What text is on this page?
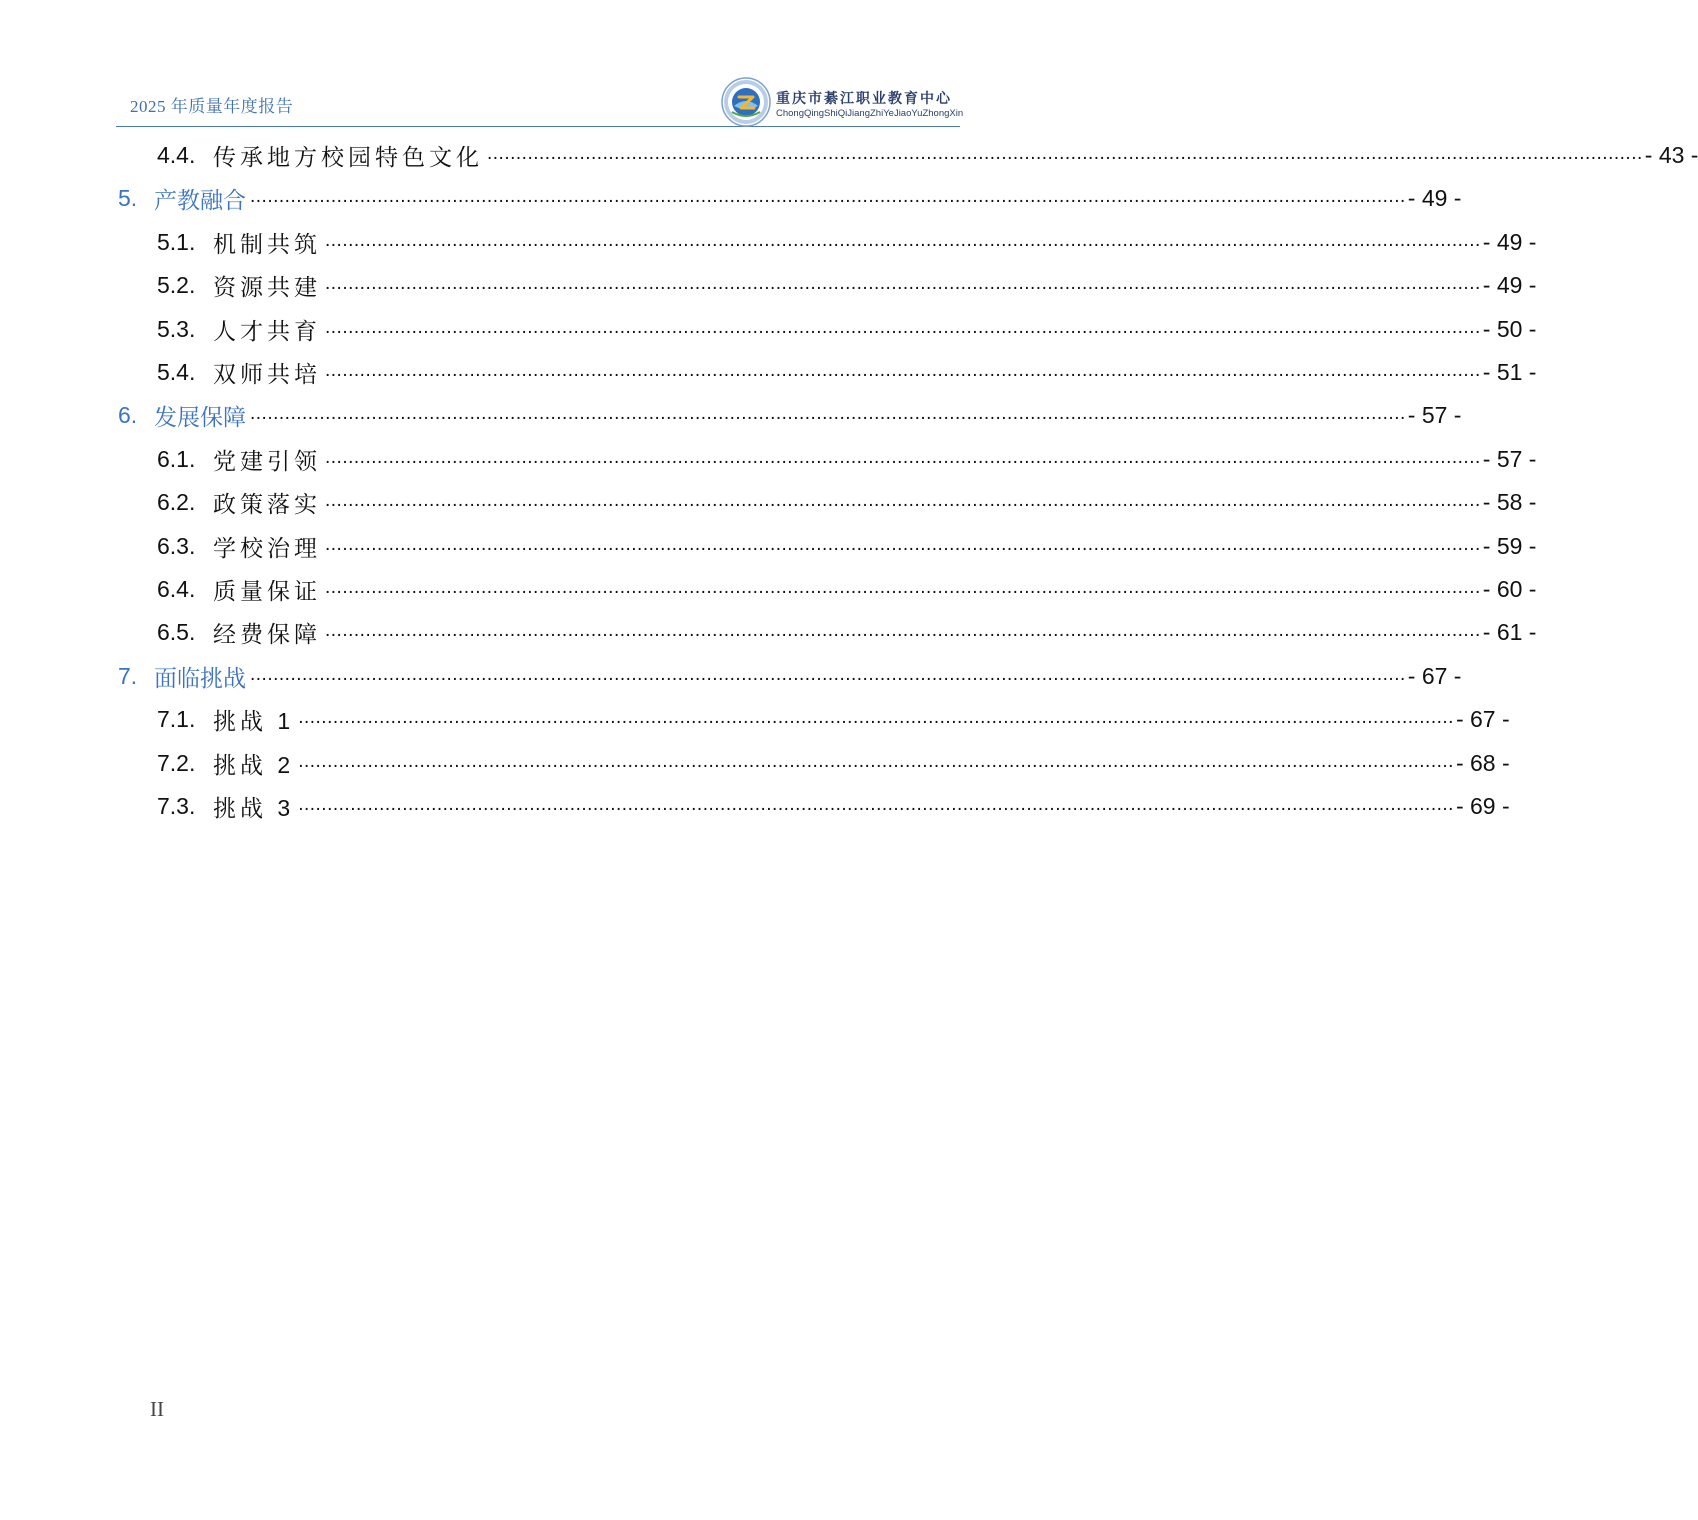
2025 年质量年度报告	重庆市綦江职业教育中心
ChongQingShiQiJiangZhiYeJiaoYuZhongXin
4.4. 传承地方校园特色文化 ........................................................................................................................................................................................................ - 43 -
5. 产教融合 ........................................................................................................................................................................................................ - 49 -
5.1. 机制共筑 ........................................................................................................................................................................................................ - 49 -
5.2. 资源共建 ........................................................................................................................................................................................................ - 49 -
5.3. 人才共育 ........................................................................................................................................................................................................ - 50 -
5.4. 双师共培 ........................................................................................................................................................................................................ - 51 -
6. 发展保障 ........................................................................................................................................................................................................ - 57 -
6.1. 党建引领 ........................................................................................................................................................................................................ - 57 -
6.2. 政策落实 ........................................................................................................................................................................................................ - 58 -
6.3. 学校治理 ........................................................................................................................................................................................................ - 59 -
6.4. 质量保证 ........................................................................................................................................................................................................ - 60 -
6.5. 经费保障 ........................................................................................................................................................................................................ - 61 -
7. 面临挑战 ........................................................................................................................................................................................................ - 67 -
7.1. 挑战 1 ........................................................................................................................................................................................................ - 67 -
7.2. 挑战 2 ........................................................................................................................................................................................................ - 68 -
7.3. 挑战 3 ........................................................................................................................................................................................................ - 69 -
II
